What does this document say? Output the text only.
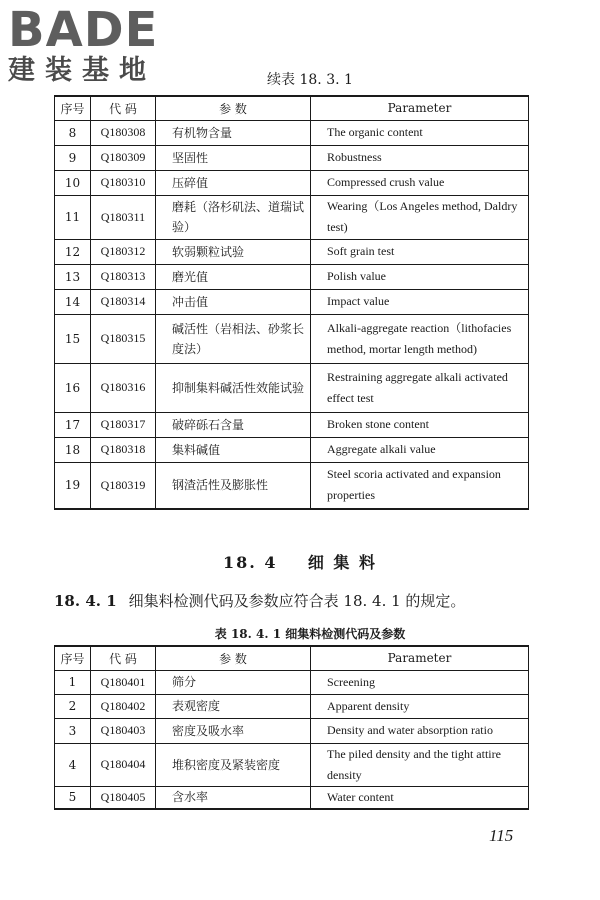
BADE
建装基地	续表 18. 3. 1
序号	代 码	参 数	Parameter
8	Q180308	有机物含量	The organic content
9	Q180309	坚固性	Robustness
10	Q180310	压碎值	Compressed crush value
11	Q180311	磨耗（洛杉矶法、道瑞试验）	Wearing（Los Angeles method, Daldry test)
12	Q180312	软弱颗粒试验	Soft grain test
13	Q180313	磨光值	Polish value
14	Q180314	冲击值	Impact value
15	Q180315	碱活性（岩相法、砂浆长度法）	Alkali-aggregate reaction（lithofacies method, mortar length method)
16	Q180316	抑制集料碱活性效能试验	Restraining aggregate alkali activated effect test
17	Q180317	破碎砾石含量	Broken stone content
18	Q180318	集料碱值	Aggregate alkali value
19	Q180319	钢渣活性及膨胀性	Steel scoria activated and expansion properties
18. 4 细 集 料
18. 4. 1 细集料检测代码及参数应符合表 18. 4. 1 的规定。
表 18. 4. 1 细集料检测代码及参数
序号	代 码	参 数	Parameter
1	Q180401	筛分	Screening
2	Q180402	表观密度	Apparent density
3	Q180403	密度及吸水率	Density and water absorption ratio
4	Q180404	堆积密度及紧装密度	The piled density and the tight attire density
5	Q180405	含水率	Water content
115
